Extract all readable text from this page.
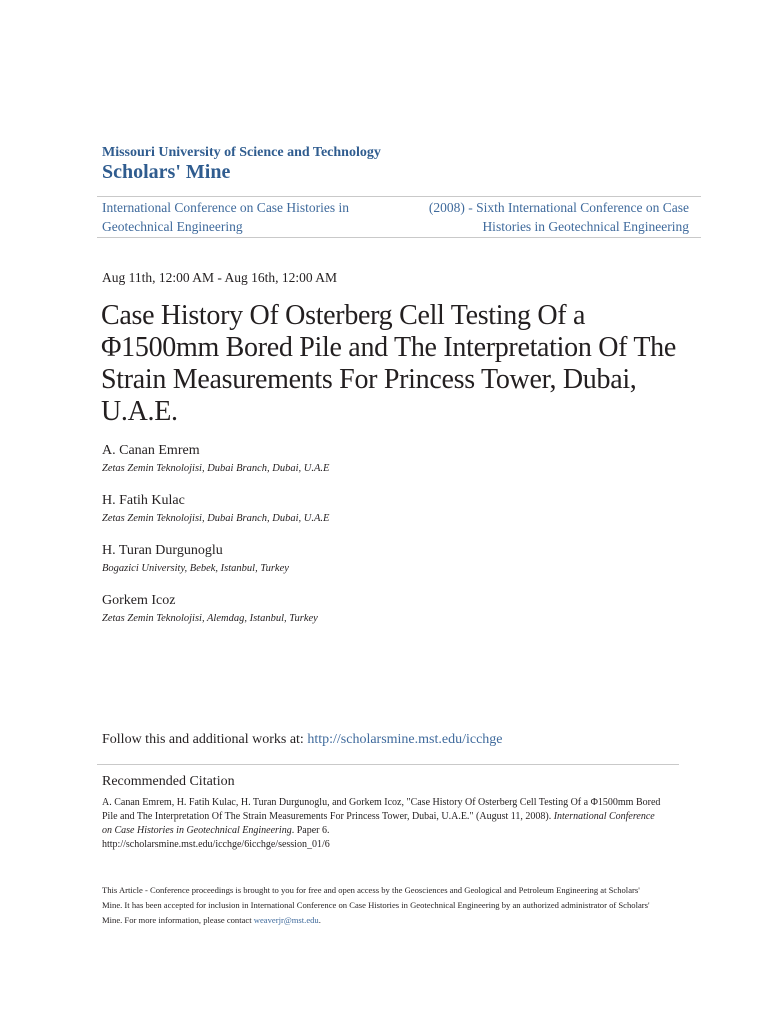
Missouri University of Science and Technology
Scholars' Mine
International Conference on Case Histories in Geotechnical Engineering
(2008) - Sixth International Conference on Case Histories in Geotechnical Engineering
Aug 11th, 12:00 AM - Aug 16th, 12:00 AM
Case History Of Osterberg Cell Testing Of a Φ1500mm Bored Pile and The Interpretation Of The Strain Measurements For Princess Tower, Dubai, U.A.E.
A. Canan Emrem
Zetas Zemin Teknolojisi, Dubai Branch, Dubai, U.A.E
H. Fatih Kulac
Zetas Zemin Teknolojisi, Dubai Branch, Dubai, U.A.E
H. Turan Durgunoglu
Bogazici University, Bebek, Istanbul, Turkey
Gorkem Icoz
Zetas Zemin Teknolojisi, Alemdag, Istanbul, Turkey
Follow this and additional works at: http://scholarsmine.mst.edu/icchge
Recommended Citation
A. Canan Emrem, H. Fatih Kulac, H. Turan Durgunoglu, and Gorkem Icoz, "Case History Of Osterberg Cell Testing Of a Φ1500mm Bored Pile and The Interpretation Of The Strain Measurements For Princess Tower, Dubai, U.A.E." (August 11, 2008). International Conference on Case Histories in Geotechnical Engineering. Paper 6.
http://scholarsmine.mst.edu/icchge/6icchge/session_01/6
This Article - Conference proceedings is brought to you for free and open access by the Geosciences and Geological and Petroleum Engineering at Scholars' Mine. It has been accepted for inclusion in International Conference on Case Histories in Geotechnical Engineering by an authorized administrator of Scholars' Mine. For more information, please contact weaverjr@mst.edu.
